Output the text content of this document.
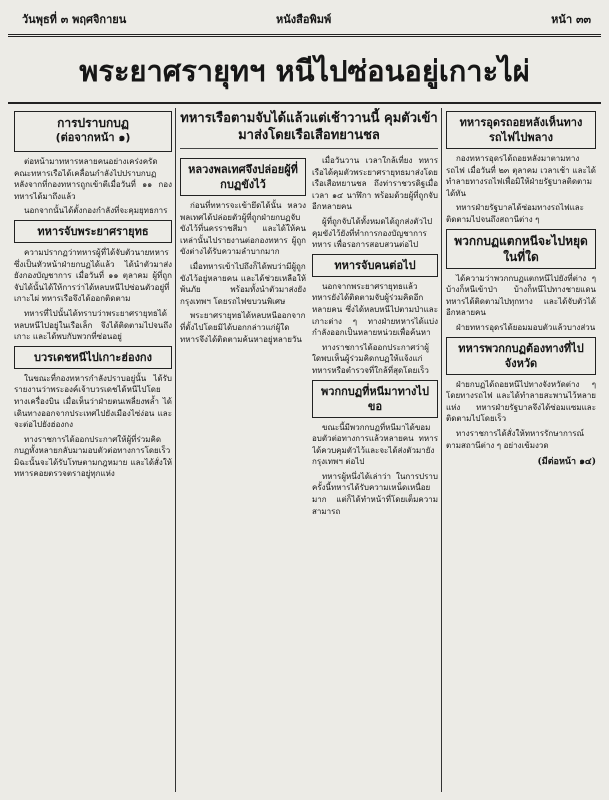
วันพุธที่ ๓ พฤศจิกายน	หนังสือพิมพ์	หน้า ๓๓
พระยาศรายุทฯ หนีไปซ่อนอยู่เกาะไผ่
การปราบกบฏ
(ต่อจากหน้า ๑)

ต่อหน้ามาทหารหลายคนอย่างเคร่งครัด คณะทหารเรือได้เคลื่อนกำลังไปปราบกบฏ หลังจากที่กองทหารถูกเข้าตีเมื่อวันที่ ๑๑ กองทหารได้มาถึงแล้ว

นอกจากนั้นได้ตั้งกองกำลังที่จะคุมยุทธการ

ทหารจับพระยาศรายุทธ

ความปรากฏว่าทหารผู้ที่ได้จับตัวนายทหารซึ่งเป็นหัวหน้าฝ่ายกบฏได้แล้ว ได้นำตัวมาส่งยังกองบัญชาการ เมื่อวันที่ ๑๑ ตุลาคม ผู้ที่ถูกจับได้นั้นได้ให้การว่าได้หลบหนีไปซ่อนตัวอยู่ที่เกาะไผ่ ทหารเรือจึงได้ออกติดตาม

ทหารที่ไปนั้นได้ทราบว่าพระยาศรายุทธได้หลบหนีไปอยู่ในเรือเล็ก จึงได้ติดตามไปจนถึงเกาะ และได้พบกับพวกที่ซ่อนอยู่

บวรเดชหนีไปเกาะฮ่องกง

ในขณะที่กองทหารกำลังปราบอยู่นั้น ได้รับรายงานว่าพระองค์เจ้าบวรเดชได้หนีไปโดยทางเครื่องบิน เมื่อเห็นว่าฝ่ายตนเพลี่ยงพล้ำ ได้เดินทางออกจากประเทศไปยังเมืองไซ่ง่อน และจะต่อไปยังฮ่องกง

ทางราชการได้ออกประกาศให้ผู้ที่ร่วมคิดกบฏทั้งหลายกลับมามอบตัวต่อทางการโดยเร็ว มิฉะนั้นจะได้รับโทษตามกฎหมาย และได้สั่งให้ทหารคอยตรวจตราอยู่ทุกแห่ง

ทหารเรือตามจับได้แล้วแต่เช้าวานนี้ คุมตัวเข้ามาส่งโดยเรือเสือทยานชล
หลวงพลเทศจึงปล่อยผู้ที่กบฏขังไว้

ก่อนที่ทหารจะเข้ายึดได้นั้น หลวงพลเทศได้ปล่อยตัวผู้ที่ถูกฝ่ายกบฏจับขังไว้ที่นครราชสีมา และได้ให้คนเหล่านั้นไปรายงานต่อกองทหาร ผู้ถูกขังต่างได้รับความลำบากมาก

เมื่อทหารเข้าไปถึงก็ได้พบว่ามีผู้ถูกขังไว้อยู่หลายคน และได้ช่วยเหลือให้พ้นภัย พร้อมทั้งนำตัวมาส่งยังกรุงเทพฯ โดยรถไฟขบวนพิเศษ

พระยาศรายุทธได้หลบหนีออกจากที่ตั้งไปโดยมิได้บอกกล่าวแก่ผู้ใด ทหารจึงได้ติดตามค้นหาอยู่หลายวัน

เมื่อวันวาน เวลาใกล้เที่ยง ทหารเรือได้คุมตัวพระยาศรายุทธมาส่งโดยเรือเสือทยานชล ถึงท่าราชวรดิฐเมื่อเวลา ๑๔ นาฬิกา พร้อมด้วยผู้ที่ถูกจับอีกหลายคน

ผู้ที่ถูกจับได้ทั้งหมดได้ถูกส่งตัวไปคุมขังไว้ยังที่ทำการกองบัญชาการทหาร เพื่อรอการสอบสวนต่อไป

ทหารจับคนต่อไป

นอกจากพระยาศรายุทธแล้ว ทหารยังได้ติดตามจับผู้ร่วมคิดอีกหลายคน ซึ่งได้หลบหนีไปตามป่าและเกาะต่าง ๆ ทางฝ่ายทหารได้แบ่งกำลังออกเป็นหลายหน่วยเพื่อค้นหา

ทางราชการได้ออกประกาศว่าผู้ใดพบเห็นผู้ร่วมคิดกบฏให้แจ้งแก่ทหารหรือตำรวจที่ใกล้ที่สุดโดยเร็ว

พวกกบฏที่หนีมาทางไปขอ

ขณะนี้มีพวกกบฏที่หนีมาได้ขอมอบตัวต่อทางการแล้วหลายคน ทหารได้ควบคุมตัวไว้และจะได้ส่งตัวมายังกรุงเทพฯ ต่อไป

ทหารผู้หนึ่งได้เล่าว่า ในการปราบครั้งนี้ทหารได้รับความเหน็ดเหนื่อยมาก แต่ก็ได้ทำหน้าที่โดยเต็มความสามารถ

ทหารอุดรถอยหลังเห็นทางรถไฟไปพลาง

กองทหารอุดรได้ถอยหลังมาตามทางรถไฟ เมื่อวันที่ ๒๓ ตุลาคม เวลาเช้า และได้ทำลายทางรถไฟเพื่อมิให้ฝ่ายรัฐบาลติดตามได้ทัน

ทหารฝ่ายรัฐบาลได้ซ่อมทางรถไฟและติดตามไปจนถึงสถานีต่าง ๆ

พวกกบฏแตกหนีจะไปหยุดในที่ใด

ได้ความว่าพวกกบฏแตกหนีไปยังที่ต่าง ๆ บ้างก็หนีเข้าป่า บ้างก็หนีไปทางชายแดน ทหารได้ติดตามไปทุกทาง และได้จับตัวได้อีกหลายคน

ฝ่ายทหารอุดรได้ยอมมอบตัวแล้วบางส่วน

ทหารพวกกบฏต้องทางที่ไปจังหวัด

ฝ่ายกบฏได้ถอยหนีไปทางจังหวัดต่าง ๆ โดยทางรถไฟ และได้ทำลายสะพานไว้หลายแห่ง ทหารฝ่ายรัฐบาลจึงได้ซ่อมแซมและติดตามไปโดยเร็ว

ทางราชการได้สั่งให้ทหารรักษาการณ์ตามสถานีต่าง ๆ อย่างเข้มงวด

(มีต่อหน้า ๑๔)
